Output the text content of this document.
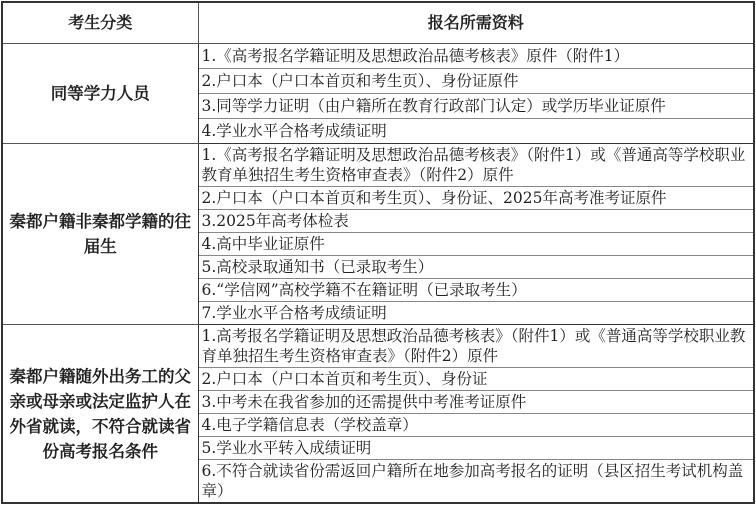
考生分类	报名所需资料
同等学力人员	1.《高考报名学籍证明及思想政治品德考核表》原件（附件1）
	2.户口本（户口本首页和考生页）、身份证原件
	3.同等学力证明（由户籍所在教育行政部门认定）或学历毕业证原件
	4.学业水平合格考成绩证明
秦都户籍非秦都学籍的往届生	1.《高考报名学籍证明及思想政治品德考核表》（附件1）或《普通高等学校职业教育单独招生考生资格审查表》（附件2）原件
	2.户口本（户口本首页和考生页）、身份证、2025年高考准考证原件
	3.2025年高考体检表
	4.高中毕业证原件
	5.高校录取通知书（已录取考生）
	6.“学信网”高校学籍不在籍证明（已录取考生）
	7.学业水平合格考成绩证明
秦都户籍随外出务工的父亲或母亲或法定监护人在外省就读，不符合就读省份高考报名条件	1.高考报名学籍证明及思想政治品德考核表》（附件1）或《普通高等学校职业教育单独招生考生资格审查表》（附件2）原件
	2.户口本（户口本首页和考生页）、身份证
	3.中考未在我省参加的还需提供中考准考证原件
	4.电子学籍信息表（学校盖章）
	5.学业水平转入成绩证明
	6.不符合就读省份需返回户籍所在地参加高考报名的证明（县区招生考试机构盖章）
